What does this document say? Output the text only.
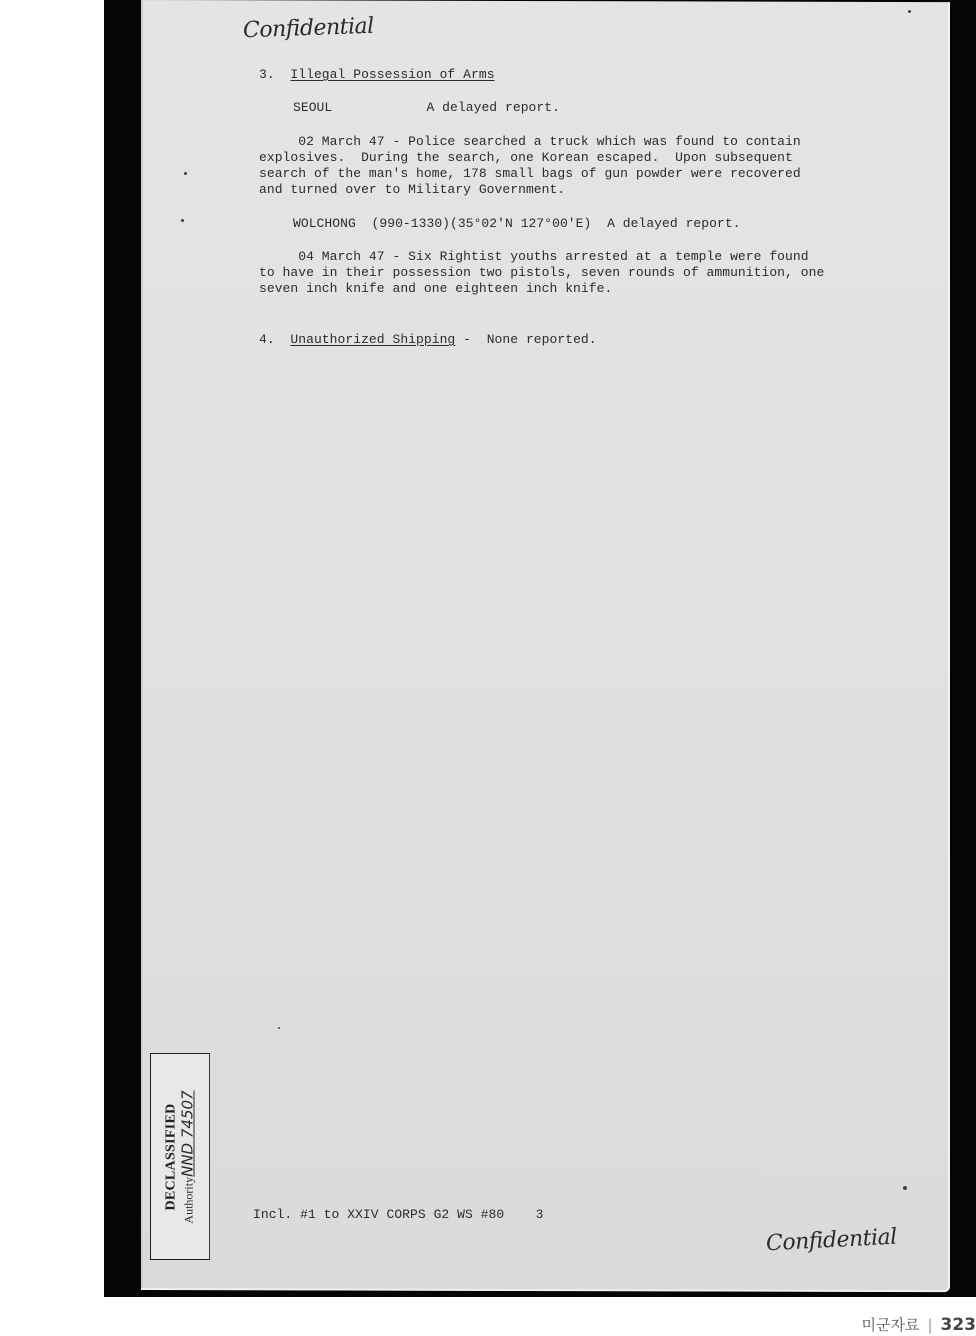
Confidential
3. Illegal Possession of Arms
SEOUL	A delayed report.
02 March 47 - Police searched a truck which was found to contain
explosives.  During the search, one Korean escaped.  Upon subsequent
search of the man's home, 178 small bags of gun powder were recovered
and turned over to Military Government.
WOLCHONG (990-1330)(35°02'N 127°00'E) A delayed report.
04 March 47 - Six Rightist youths arrested at a temple were found
to have in their possession two pistols, seven rounds of ammunition, one
seven inch knife and one eighteen inch knife.
4. Unauthorized Shipping -  None reported.
DECLASSIFIED AuthorityNND 74507
Incl. #1 to XXIV CORPS G2 WS #80 3
Confidential
미군자료 | 323
